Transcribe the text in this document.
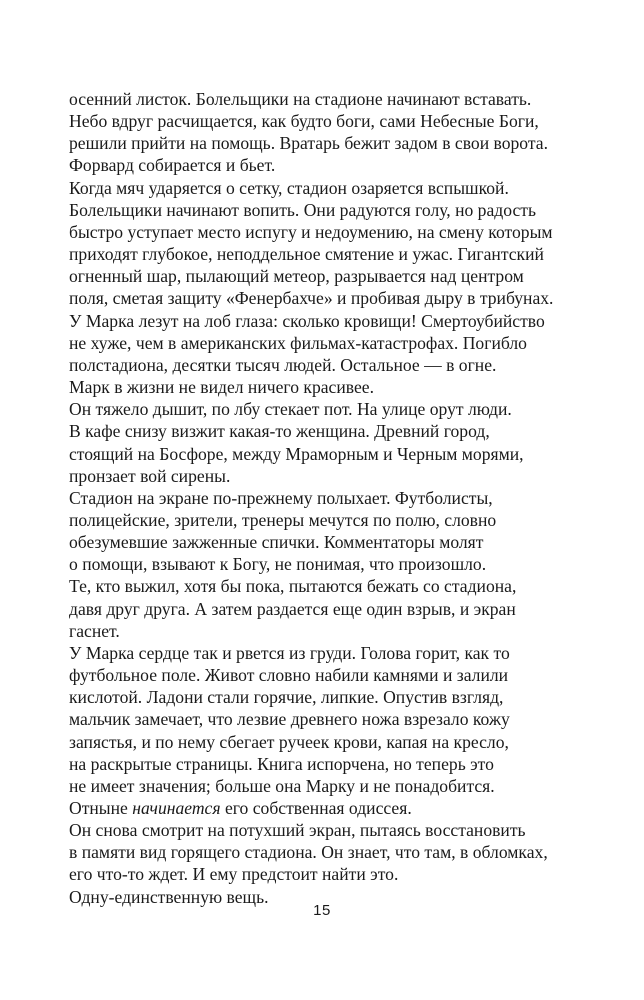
осенний листок. Болельщики на стадионе начинают вставать.
Небо вдруг расчищается, как будто боги, сами Небесные Боги,
решили прийти на помощь. Вратарь бежит задом в свои ворота.
Форвард собирается и бьет.
Когда мяч ударяется о сетку, стадион озаряется вспышкой.
Болельщики начинают вопить. Они радуются голу, но радость
быстро уступает место испугу и недоумению, на смену которым
приходят глубокое, неподдельное смятение и ужас. Гигантский
огненный шар, пылающий метеор, разрывается над центром
поля, сметая защиту «Фенербахче» и пробивая дыру в трибунах.
У Марка лезут на лоб глаза: сколько кровищи! Смертоубийство
не хуже, чем в американских фильмах-катастрофах. Погибло
полстадиона, десятки тысяч людей. Остальное — в огне.
Марк в жизни не видел ничего красивее.
Он тяжело дышит, по лбу стекает пот. На улице орут люди.
В кафе снизу визжит какая-то женщина. Древний город,
стоящий на Босфоре, между Мраморным и Черным морями,
пронзает вой сирены.
Стадион на экране по-прежнему полыхает. Футболисты,
полицейские, зрители, тренеры мечутся по полю, словно
обезумевшие зажженные спички. Комментаторы молят
о помощи, взывают к Богу, не понимая, что произошло.
Те, кто выжил, хотя бы пока, пытаются бежать со стадиона,
давя друг друга. А затем раздается еще один взрыв, и экран
гаснет.
У Марка сердце так и рвется из груди. Голова горит, как то
футбольное поле. Живот словно набили камнями и залили
кислотой. Ладони стали горячие, липкие. Опустив взгляд,
мальчик замечает, что лезвие древнего ножа взрезало кожу
запястья, и по нему сбегает ручеек крови, капая на кресло,
на раскрытые страницы. Книга испорчена, но теперь это
не имеет значения; больше она Марку и не понадобится.
Отныне начинается его собственная одиссея.
Он снова смотрит на потухший экран, пытаясь восстановить
в памяти вид горящего стадиона. Он знает, что там, в обломках,
его что-то ждет. И ему предстоит найти это.
Одну-единственную вещь.
15
